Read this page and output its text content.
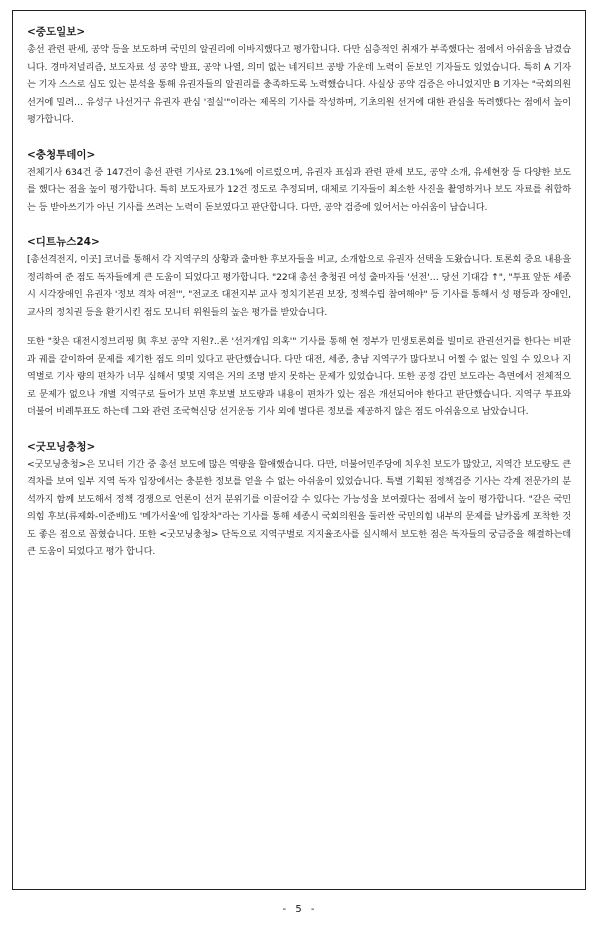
<중도일보>

총선 관련 판세, 공약 등을 보도하며 국민의 알권리에 이바지했다고 평가합니다. 다만 심층적인 취재가 부족했다는 점에서 아쉬움을 남겼습니다. 경마저널리즘, 보도자료 성 공약 발표, 공약 나열, 의미 없는 네거티브 공방 가운데 노력이 돋보인 기자들도 있었습니다. 특히 A 기자는 기자 스스로 심도 있는 분석을 통해 유권자들의 알권리를 충족하도록 노력했습니다. 사실상 공약 검증은 아니었지만 B 기자는 "국회의원 선거에 밀려… 유성구 나선거구 유권자 관심 '절실'"이라는 제목의 기사를 작성하며, 기초의원 선거에 대한 관심을 독려했다는 점에서 높이 평가합니다.

<충청투데이>

전체기사 634건 중 147건이 총선 관련 기사로 23.1%에 이르렀으며, 유권자 표심과 관련 판세 보도, 공약 소개, 유세현장 등 다양한 보도를 했다는 점을 높이 평가합니다. 특히 보도자료가 12건 정도로 추정되며, 대체로 기자들이 최소한 사진을 촬영하거나 보도 자료를 취합하는 등 받아쓰기가 아닌 기사를 쓰려는 노력이 돋보였다고 판단합니다. 다만, 공약 검증에 있어서는 아쉬움이 남습니다.

<디트뉴스24>

[총선격전지, 이곳] 코너를 통해서 각 지역구의 상황과 출마한 후보자들을 비교, 소개함으로 유권자 선택을 도왔습니다. 토론회 중요 내용을 정리하여 준 점도 독자들에게 큰 도움이 되었다고 평가합니다. "22대 총선 충청권 여성 출마자들 '선전'… 당선 기대감 ↑", "투표 앞둔 세종시 시각장애인 유권자 '정보 격차 여전'", "전교조 대전지부 교사 정치기본권 보장, 정책수립 참여해야" 등 기사를 통해서 성 평등과 장애인, 교사의 정치권 등을 환기시킨 점도 모니터 위원들의 높은 평가를 받았습니다.

또한 "찾은 대전시정브리핑 與 후보 공약 지원?..론 '선거개입 의혹'" 기사를 통해 현 정부가 민생토론회를 빌미로 관권선거를 한다는 비판과 궤를 같이하여 문제를 제기한 점도 의미 있다고 판단했습니다. 다만 대전, 세종, 충남 지역구가 많다보니 어쩔 수 없는 일일 수 있으나 지역별로 기사 량의 편차가 너무 심해서 몇몇 지역은 거의 조명 받지 못하는 문제가 있었습니다. 또한 공정 감민 보도라는 측면에서 전체적으로 문제가 없으나 개별 지역구로 들어가 보면 후보별 보도량과 내용이 편차가 있는 점은 개선되어야 한다고 판단했습니다. 지역구 투표와 더불어 비례투표도 하는데 그와 관련 조국혁신당 선거운동 기사 외에 별다른 정보를 제공하지 않은 점도 아쉬움으로 남았습니다.

<굿모닝충청>

<굿모닝충청>은 모니터 기간 중 총선 보도에 많은 역량을 할애했습니다. 다만, 더불어민주당에 치우친 보도가 많았고, 지역간 보도량도 큰 격차를 보여 일부 지역 독자 입장에서는 충분한 정보를 얻을 수 없는 아쉬움이 있었습니다. 특별 기획된 정책검증 기사는 각계 전문가의 분석까지 함께 보도해서 정책 경쟁으로 언론이 선거 분위기를 이끌어갈 수 있다는 가능성을 보여줬다는 점에서 높이 평가합니다. "같은 국민의힘 후보(류제화-이준배)도 '메가서울'에 입장차"라는 기사를 통해 세종시 국회의원을 둘러싼 국민의힘 내부의 문제를 날카롭게 포착한 것도 좋은 점으로 꼽혔습니다. 또한 <굿모닝충청> 단독으로 지역구별로 지지율조사를 실시해서 보도한 점은 독자들의 궁금증을 해결하는데 큰 도움이 되었다고 평가 합니다.

- 5 -
